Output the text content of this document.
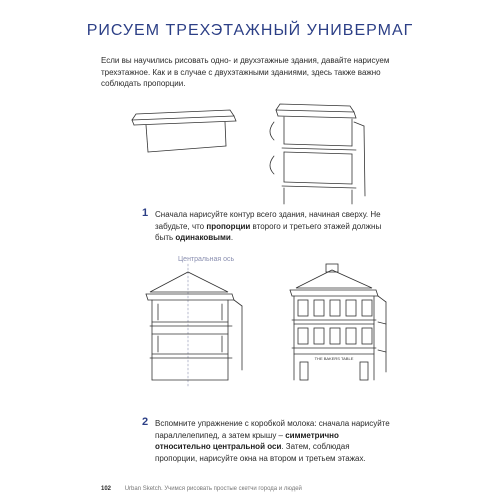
РИСУЕМ ТРЕХЭТАЖНЫЙ УНИВЕРМАГ

Если вы научились рисовать одно- и двухэтажные здания, давайте нарисуем трехэтажное. Как и в случае с двухэтажными зданиями, здесь также важно соблюдать пропорции.

1 Сначала нарисуйте контур всего здания, начиная сверху. Не забудьте, что пропорции второго и третьего этажей должны быть одинаковыми.

Центральная ось
THE BAKERS TABLE
2 Вспомните упражнение с коробкой молока: сначала нарисуйте параллелепипед, а затем крышу – симметрично относительно центральной оси. Затем, соблюдая пропорции, нарисуйте окна на втором и третьем этажах.

102 Urban Sketch. Учимся рисовать простые скетчи города и людей
